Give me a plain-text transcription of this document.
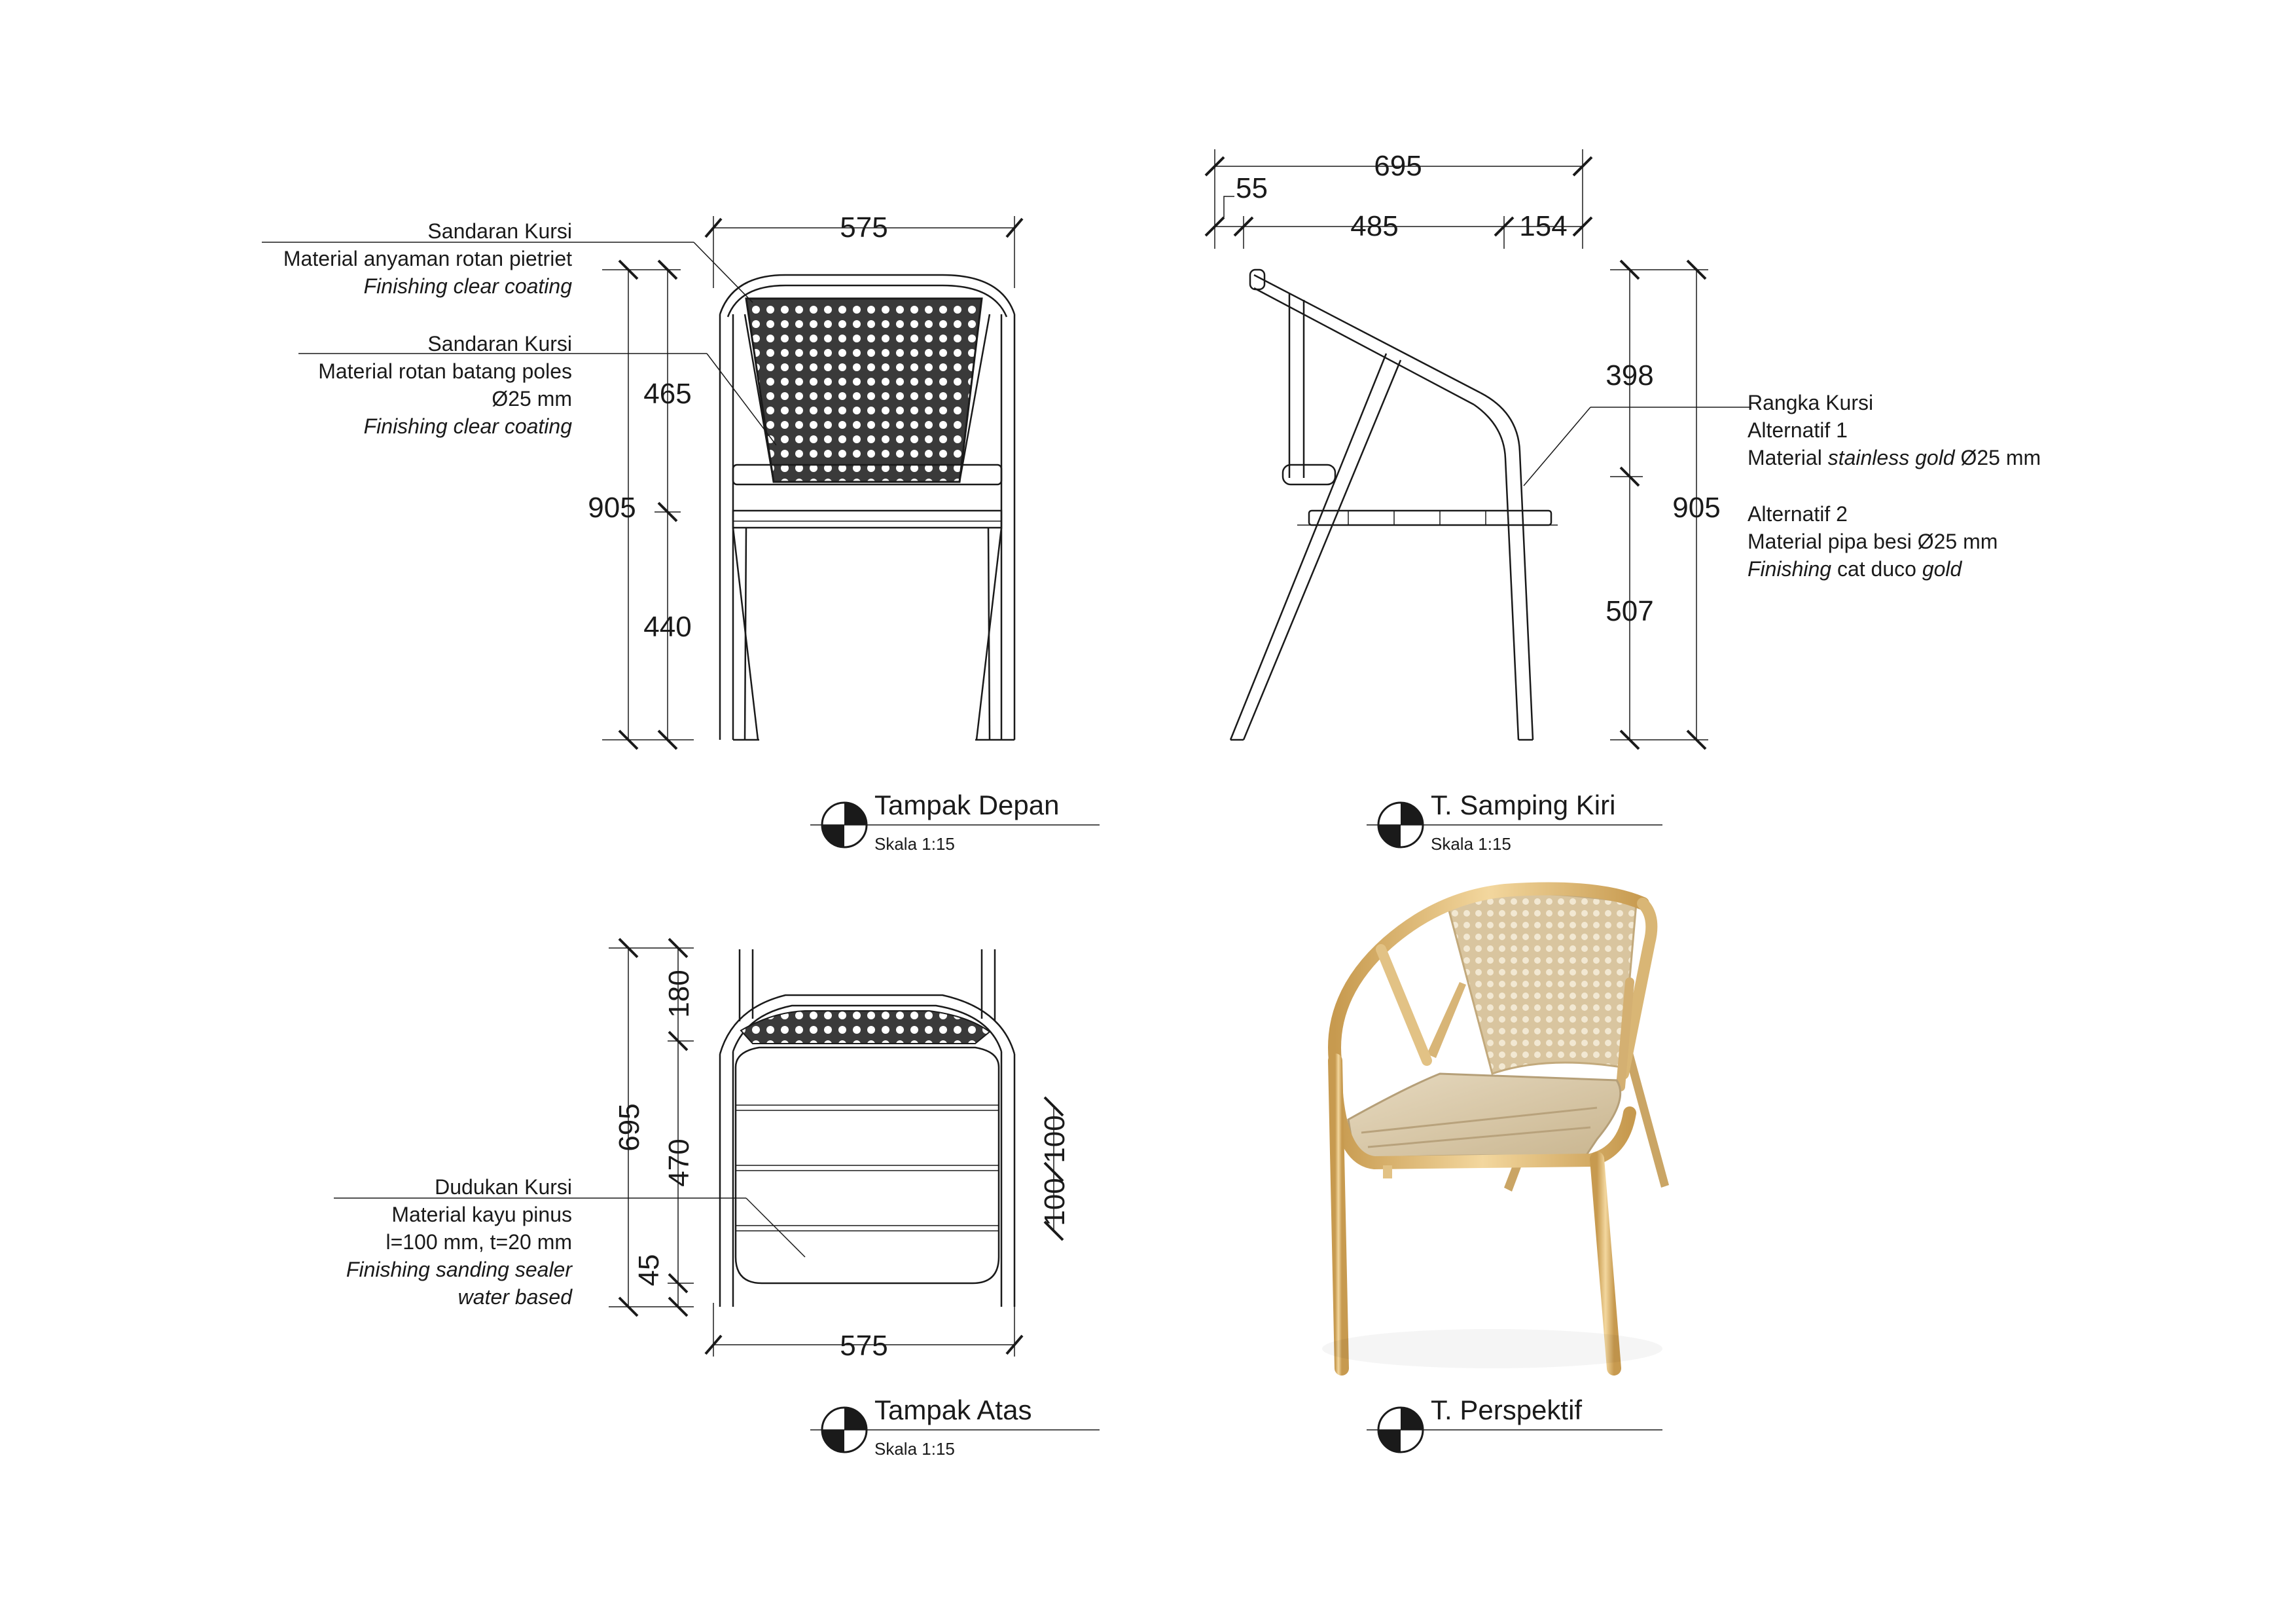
575
905
465
440
Sandaran Kursi
Material anyaman rotan pietriet
Finishing clear coating
Sandaran Kursi
Material rotan batang poles
Ø25 mm
Finishing clear coating
Tampak Depan
Skala 1:15
695
55
485	154
398
507
905
Rangka Kursi
Alternatif 1
Material stainless gold Ø25 mm
Alternatif 2
Material pipa besi Ø25 mm
Finishing cat duco gold
T. Samping Kiri
Skala 1:15
575
695
180
470
45
100
100
Dudukan Kursi
Material kayu pinus
l=100 mm, t=20 mm
Finishing sanding sealer
water based
Tampak Atas
Skala 1:15
T. Perspektif
